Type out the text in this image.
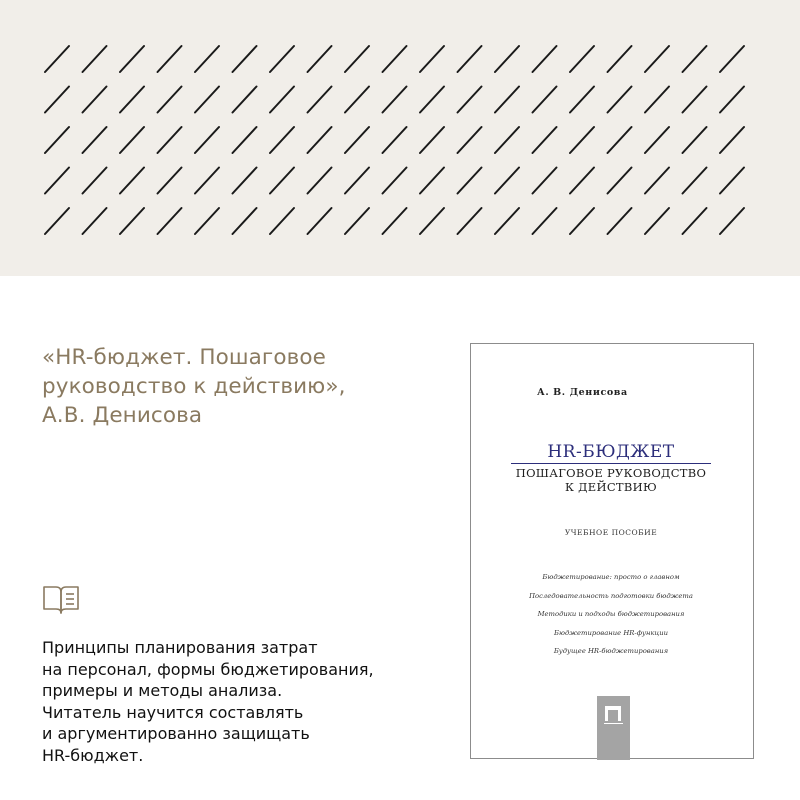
«HR-бюджет. Пошаговое
руководство к действию»,
А.В. Денисова

Принципы планирования затрат
на персонал, формы бюджетирования,
примеры и методы анализа.
Читатель научится составлять
и аргументированно защищать
HR-бюджет.

А. В. Денисова
HR-БЮДЖЕТ
ПОШАГОВОЕ РУКОВОДСТВО
К ДЕЙСТВИЮ
УЧЕБНОЕ ПОСОБИЕ
Бюджетирование: просто о главном
Последовательность подготовки бюджета
Методики и подходы бюджетирования
Бюджетирование HR-функции
Будущее HR-бюджетирования
